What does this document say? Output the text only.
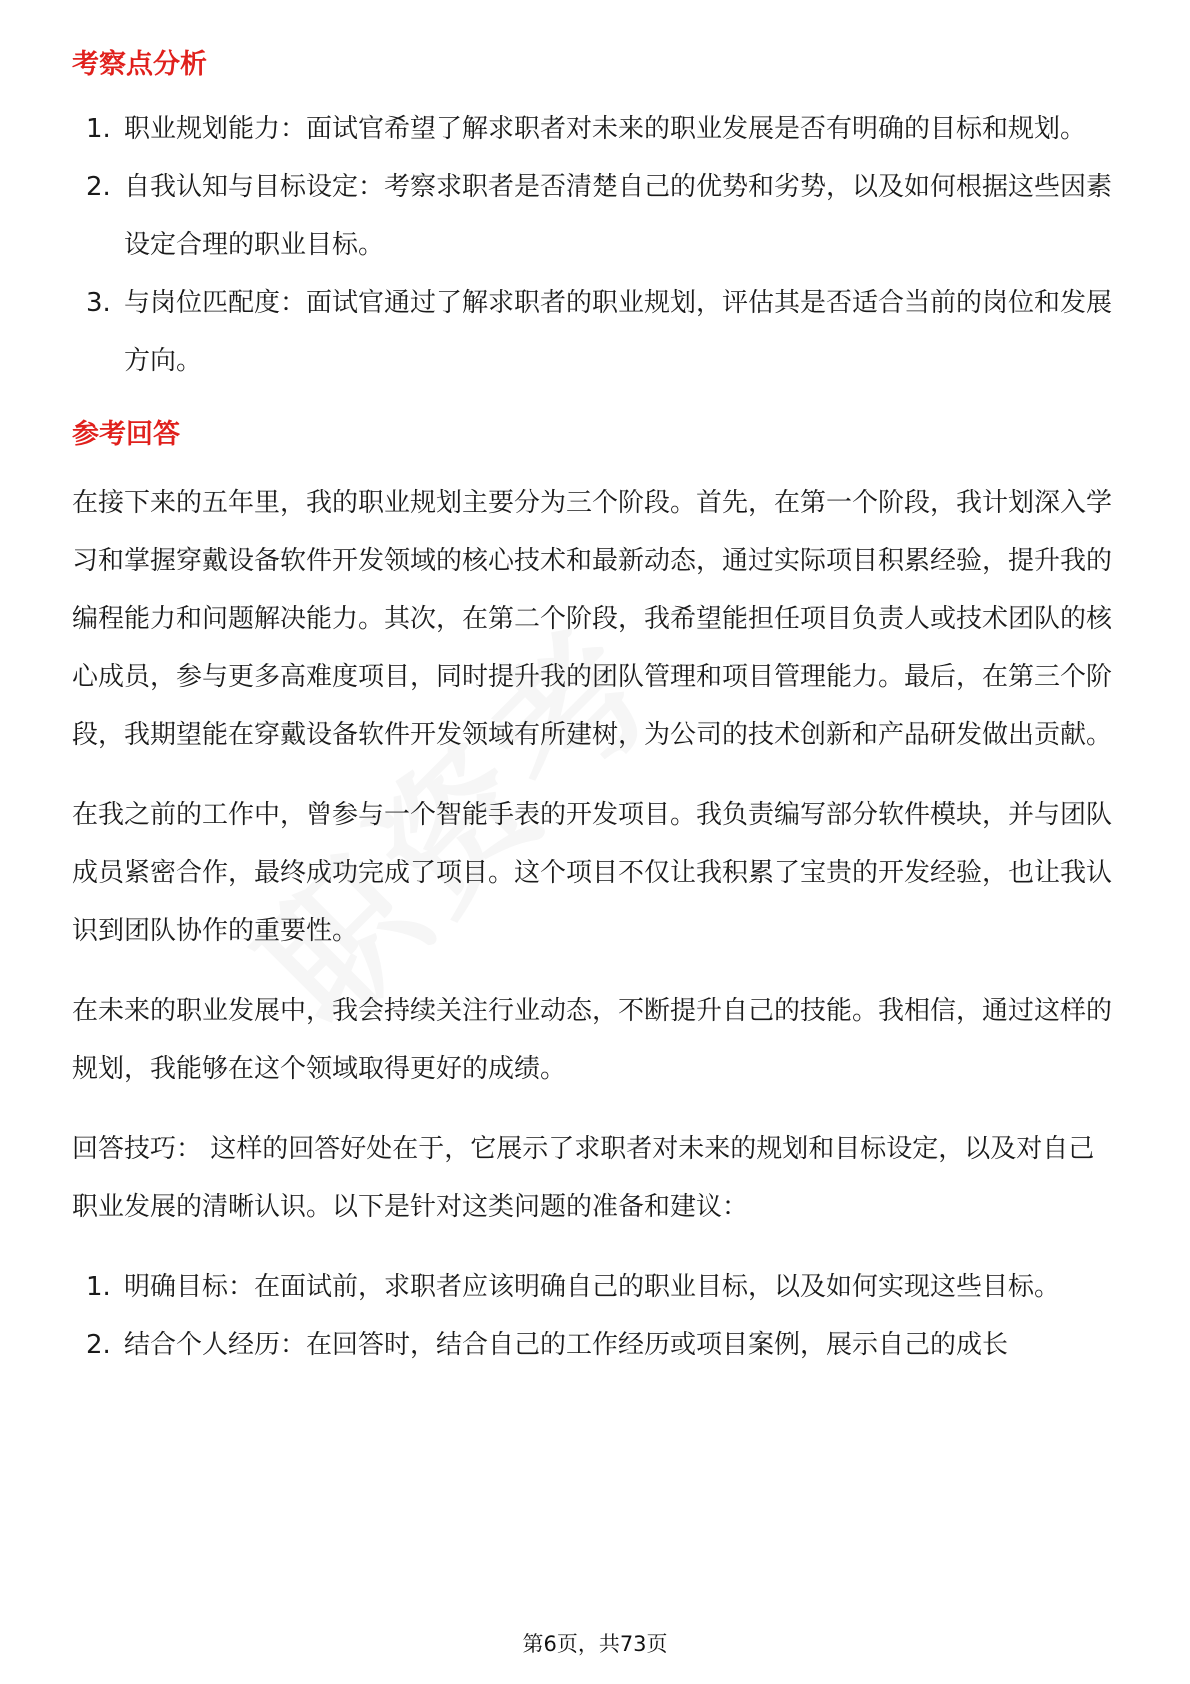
考察点分析
1. 职业规划能力：面试官希望了解求职者对未来的职业发展是否有明确的目标和规划。
2. 自我认知与目标设定：考察求职者是否清楚自己的优势和劣势，以及如何根据这些因素设定合理的职业目标。
3. 与岗位匹配度：面试官通过了解求职者的职业规划，评估其是否适合当前的岗位和发展方向。
参考回答

在接下来的五年里，我的职业规划主要分为三个阶段。首先，在第一个阶段，我计划深入学习和掌握穿戴设备软件开发领域的核心技术和最新动态，通过实际项目积累经验，提升我的编程能力和问题解决能力。其次，在第二个阶段，我希望能担任项目负责人或技术团队的核心成员，参与更多高难度项目，同时提升我的团队管理和项目管理能力。最后，在第三个阶段，我期望能在穿戴设备软件开发领域有所建树，为公司的技术创新和产品研发做出贡献。

在我之前的工作中，曾参与一个智能手表的开发项目。我负责编写部分软件模块，并与团队成员紧密合作，最终成功完成了项目。这个项目不仅让我积累了宝贵的开发经验，也让我认识到团队协作的重要性。

在未来的职业发展中，我会持续关注行业动态，不断提升自己的技能。我相信，通过这样的规划，我能够在这个领域取得更好的成绩。

回答技巧： 这样的回答好处在于，它展示了求职者对未来的规划和目标设定，以及对自己职业发展的清晰认识。以下是针对这类问题的准备和建议：

1. 明确目标：在面试前，求职者应该明确自己的职业目标，以及如何实现这些目标。
2. 结合个人经历：在回答时，结合自己的工作经历或项目案例，展示自己的成长
第6页，共73页
